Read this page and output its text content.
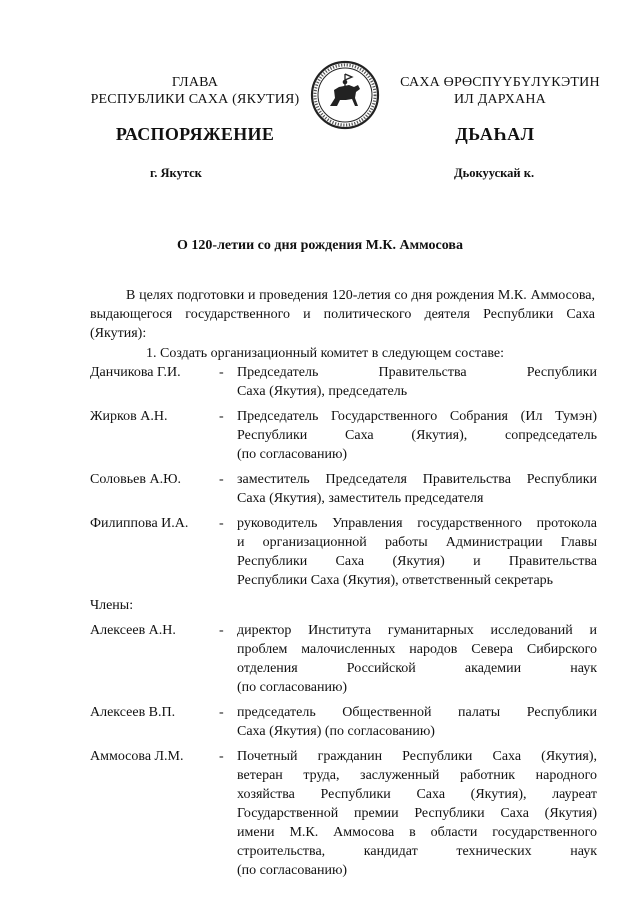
ГЛАВА
РЕСПУБЛИКИ САХА (ЯКУТИЯ)
САХА ӨРӨСПҮҮБҮЛҮКЭТИН
ИЛ ДАРХАНА
РАСПОРЯЖЕНИЕ	ДЬАҺАЛ
г. Якутск	Дьокуускай к.
О 120-летии со дня рождения М.К. Аммосова

В целях подготовки и проведения 120-летия со дня рождения М.К. Аммосова, выдающегося государственного и политического деятеля Республики Саха (Якутия):

1. Создать организационный комитет в следующем составе:
Данчикова Г.И.	- Председатель Правительства Республики
Саха (Якутия), председатель
Жирков А.Н.	- Председатель Государственного Собрания (Ил Тумэн)
Республики Саха (Якутия), сопредседатель
(по согласованию)
Соловьев А.Ю.	- заместитель Председателя Правительства Республики
Саха (Якутия), заместитель председателя
Филиппова И.А.	- руководитель Управления государственного протокола
и организационной работы Администрации Главы
Республики Саха (Якутия) и Правительства
Республики Саха (Якутия), ответственный секретарь
Члены:
Алексеев А.Н.	- директор Института гуманитарных исследований и
проблем малочисленных народов Севера Сибирского
отделения Российской академии наук
(по согласованию)
Алексеев В.П.	- председатель Общественной палаты Республики
Саха (Якутия) (по согласованию)
Аммосова Л.М.	- Почетный гражданин Республики Саха (Якутия),
ветеран труда, заслуженный работник народного
хозяйства Республики Саха (Якутия), лауреат
Государственной премии Республики Саха (Якутия)
имени М.К. Аммосова в области государственного
строительства, кандидат технических наук
(по согласованию)
